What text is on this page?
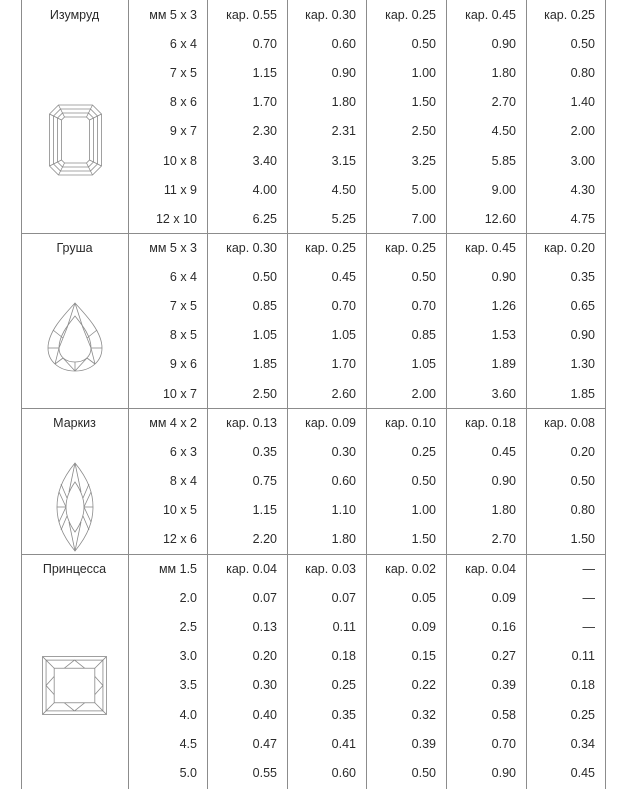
Изумруд	мм 5 x 3	кар. 0.55	кар. 0.30	кар. 0.25	кар. 0.45	кар. 0.25
6 x 4	0.70	0.60	0.50	0.90	0.50
7 x 5	1.15	0.90	1.00	1.80	0.80
8 x 6	1.70	1.80	1.50	2.70	1.40
9 x 7	2.30	2.31	2.50	4.50	2.00
10 x 8	3.40	3.15	3.25	5.85	3.00
11 x 9	4.00	4.50	5.00	9.00	4.30
12 x 10	6.25	5.25	7.00	12.60	4.75
Груша	мм 5 x 3	кар. 0.30	кар. 0.25	кар. 0.25	кар. 0.45	кар. 0.20
6 x 4	0.50	0.45	0.50	0.90	0.35
7 x 5	0.85	0.70	0.70	1.26	0.65
8 x 5	1.05	1.05	0.85	1.53	0.90
9 x 6	1.85	1.70	1.05	1.89	1.30
10 x 7	2.50	2.60	2.00	3.60	1.85
Маркиз	мм 4 x 2	кар. 0.13	кар. 0.09	кар. 0.10	кар. 0.18	кар. 0.08
6 x 3	0.35	0.30	0.25	0.45	0.20
8 x 4	0.75	0.60	0.50	0.90	0.50
10 x 5	1.15	1.10	1.00	1.80	0.80
12 x 6	2.20	1.80	1.50	2.70	1.50
Принцесса	мм 1.5	кар. 0.04	кар. 0.03	кар. 0.02	кар. 0.04	—
2.0	0.07	0.07	0.05	0.09	—
2.5	0.13	0.11	0.09	0.16	—
3.0	0.20	0.18	0.15	0.27	0.11
3.5	0.30	0.25	0.22	0.39	0.18
4.0	0.40	0.35	0.32	0.58	0.25
4.5	0.47	0.41	0.39	0.70	0.34
5.0	0.55	0.60	0.50	0.90	0.45
